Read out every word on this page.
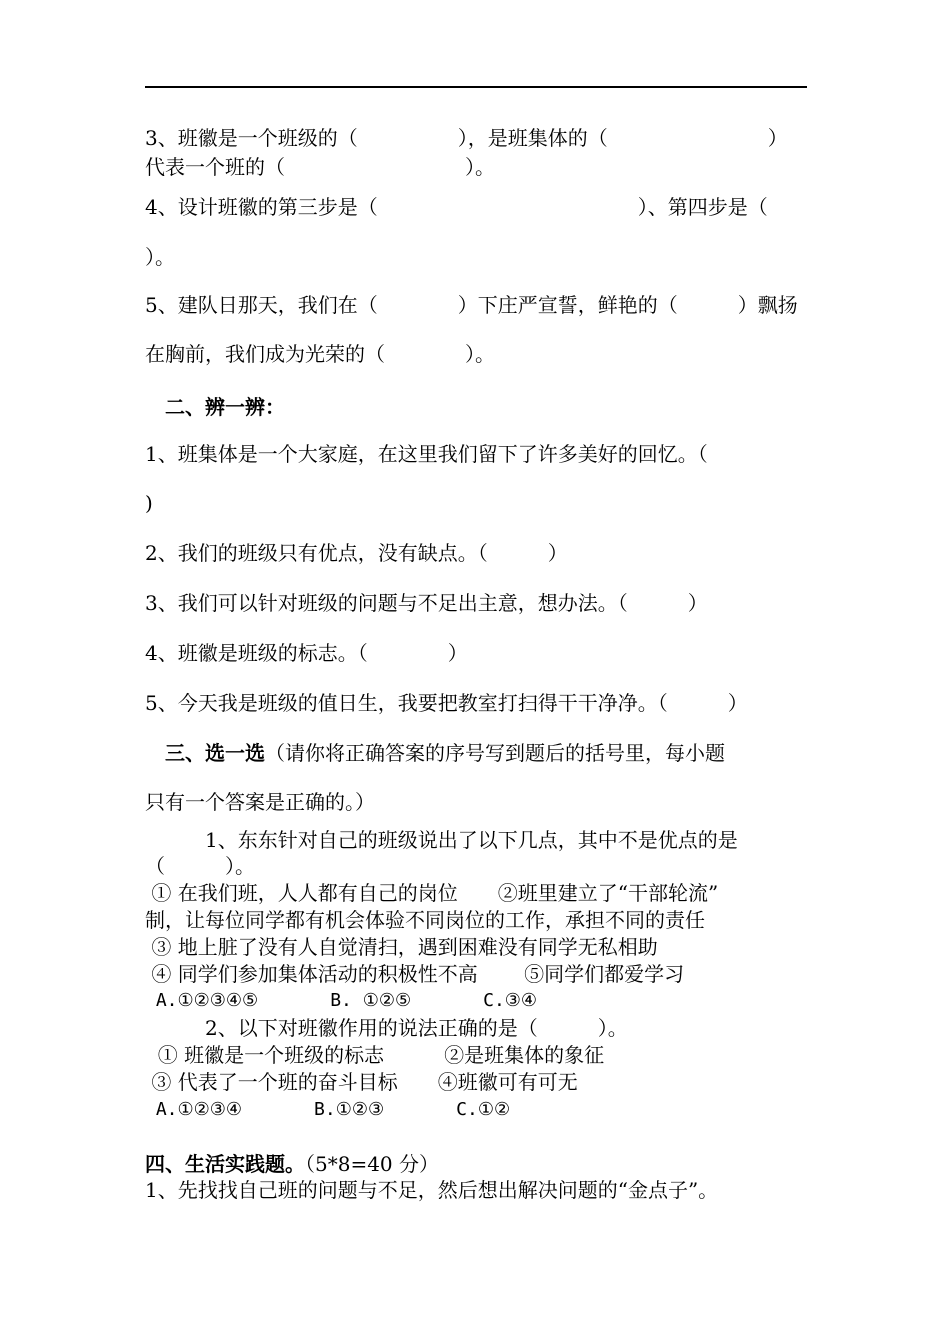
3、班徽是一个班级的（　　　　　），是班集体的（　　　　　　　　）
代表一个班的（　　　　　　　　　）。
4、设计班徽的第三步是（　　　　　　　　　　　　　）、第四步是（
）。
5、建队日那天，我们在（　　　　）下庄严宣誓，鲜艳的（　　　）飘扬
在胸前，我们成为光荣的（　　　　）。
二、辨一辨：
1、班集体是一个大家庭，在这里我们留下了许多美好的回忆。（
)
2、我们的班级只有优点，没有缺点。（　　　）
3、我们可以针对班级的问题与不足出主意，想办法。（　　　）
4、班徽是班级的标志。（　　　　）
5、今天我是班级的值日生，我要把教室打扫得干干净净。（　　　）
三、选一选（请你将正确答案的序号写到题后的括号里，每小题
只有一个答案是正确的。）
　　　1、东东针对自己的班级说出了以下几点，其中不是优点的是
（　　　）。
① 在我们班，人人都有自己的岗位　　②班里建立了“干部轮流”
制，让每位同学都有机会体验不同岗位的工作，承担不同的责任
③ 地上脏了没有人自觉清扫，遇到困难没有同学无私相助
④ 同学们参加集体活动的积极性不高　　 ⑤同学们都爱学习
A.①②③④⑤　　　　B. ①②⑤　　　　C.③④
　　　2、以下对班徽作用的说法正确的是（　　　）。
① 班徽是一个班级的标志　　　②是班集体的象征
③ 代表了一个班的奋斗目标　　④班徽可有可无
A.①②③④　　　　B.①②③　　　　C.①②
四、生活实践题。（5*8=40 分）
1、先找找自己班的问题与不足，然后想出解决问题的“金点子”。
